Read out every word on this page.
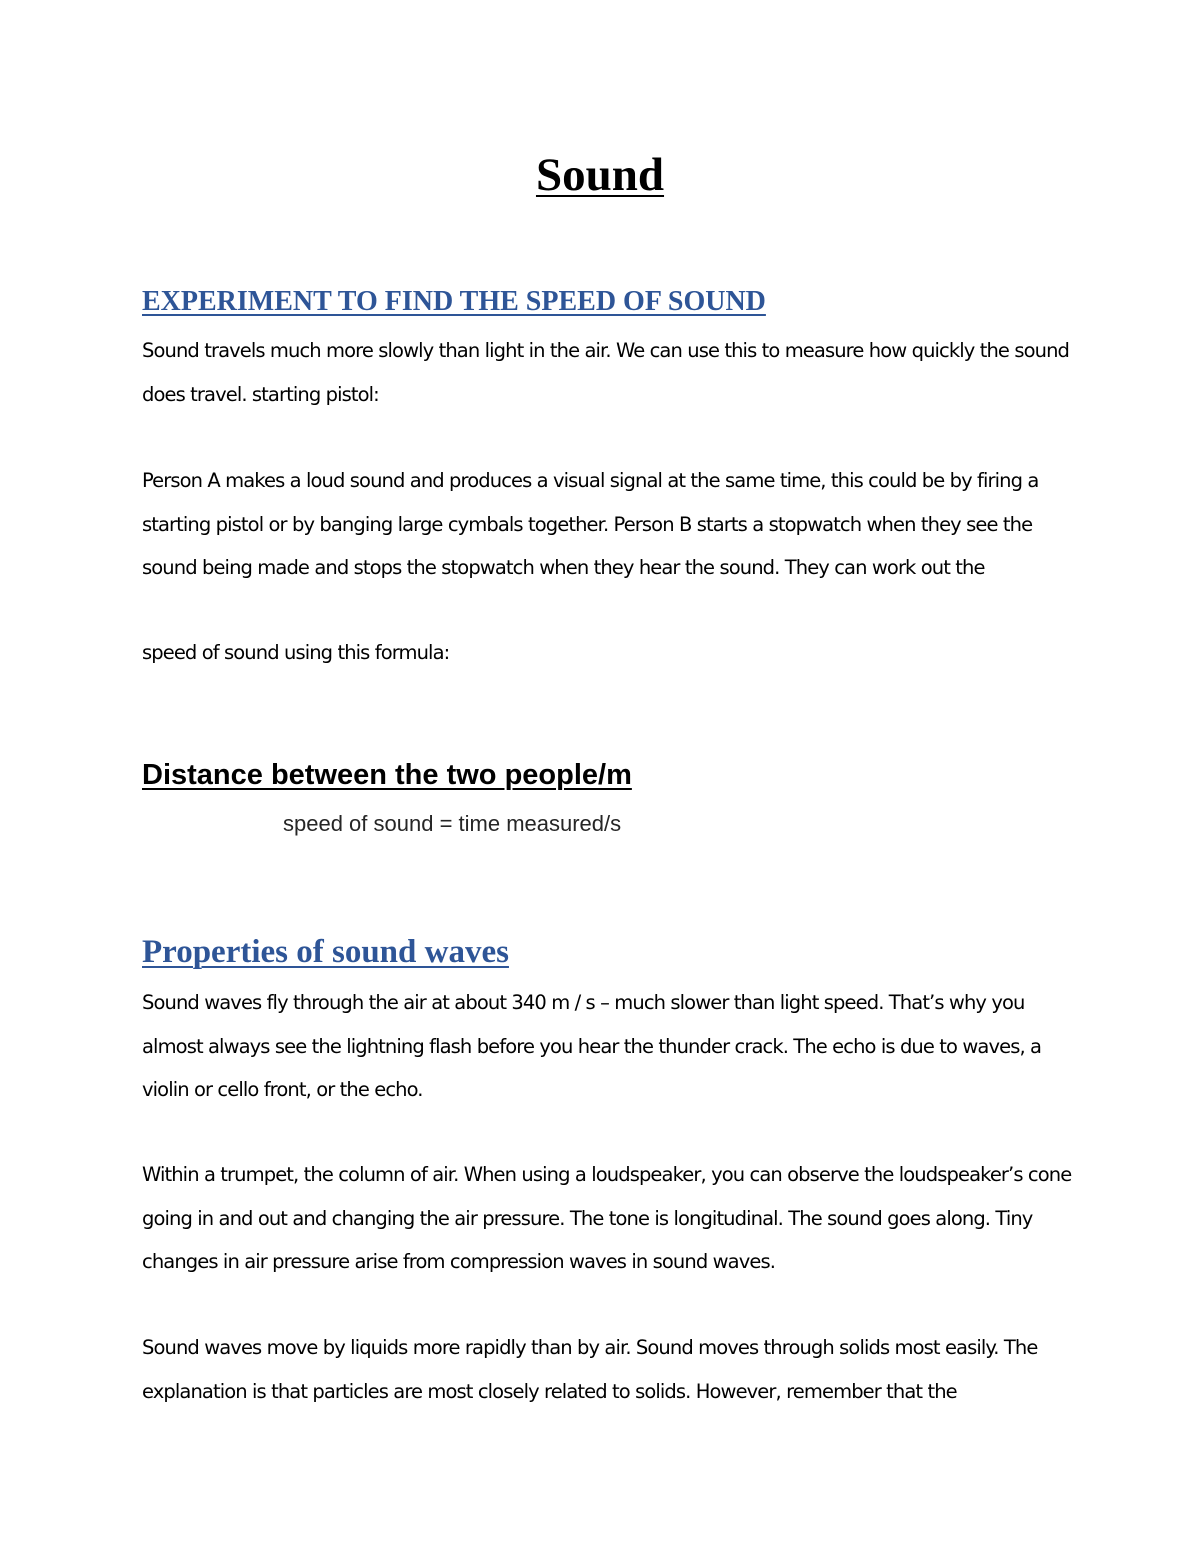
Sound
EXPERIMENT TO FIND THE SPEED OF SOUND

Sound travels much more slowly than light in the air. We can use this to measure how quickly the sound does travel. starting pistol:

Person A makes a loud sound and produces a visual signal at the same time, this could be by firing a starting pistol or by banging large cymbals together. Person B starts a stopwatch when they see the sound being made and stops the stopwatch when they hear the sound. They can work out the

speed of sound using this formula:

Distance between the two people/m

speed of sound = time measured/s

Properties of sound waves

Sound waves fly through the air at about 340 m / s – much slower than light speed. That’s why you almost always see the lightning flash before you hear the thunder crack. The echo is due to waves, a violin or cello front, or the echo.

Within a trumpet, the column of air. When using a loudspeaker, you can observe the loudspeaker’s cone going in and out and changing the air pressure. The tone is longitudinal. The sound goes along. Tiny changes in air pressure arise from compression waves in sound waves.

Sound waves move by liquids more rapidly than by air. Sound moves through solids most easily. The explanation is that particles are most closely related to solids. However, remember that the
